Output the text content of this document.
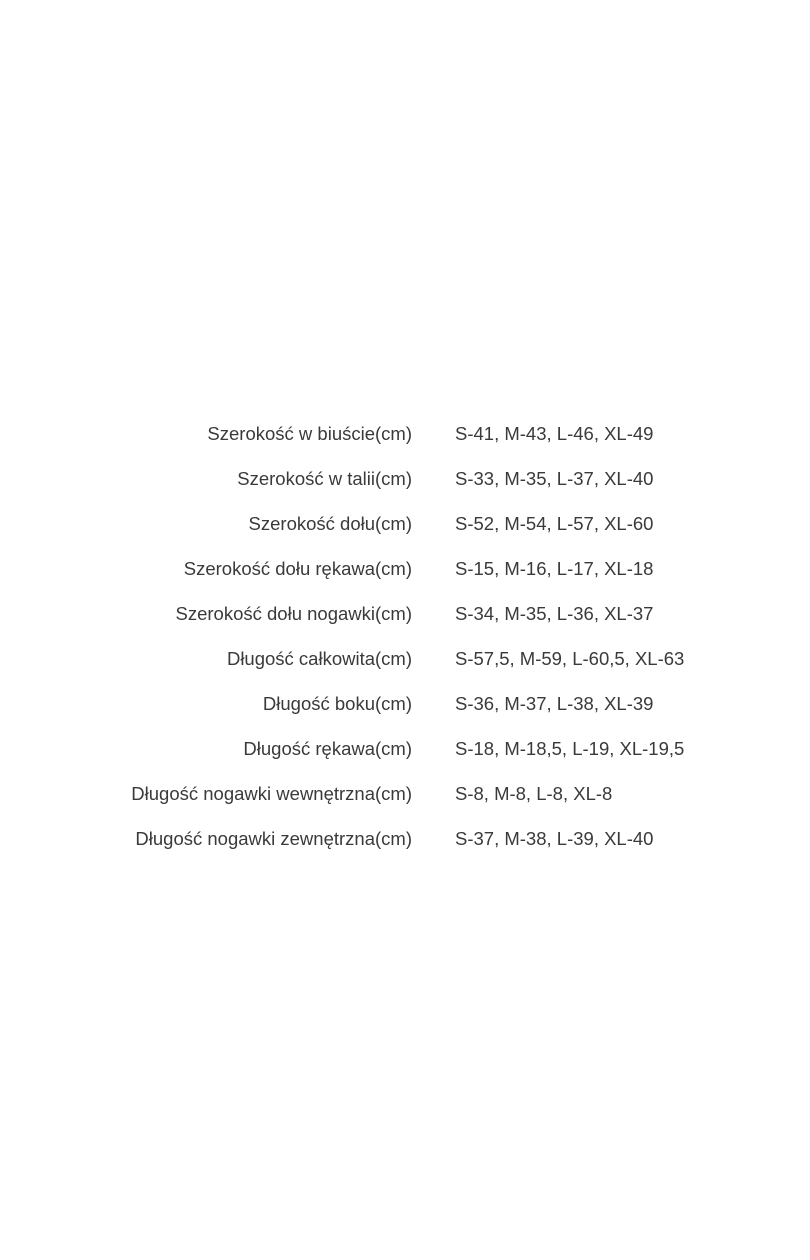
Szerokość w biuście(cm) S-41, M-43, L-46, XL-49
Szerokość w talii(cm) S-33, M-35, L-37, XL-40
Szerokość dołu(cm) S-52, M-54, L-57, XL-60
Szerokość dołu rękawa(cm) S-15, M-16, L-17, XL-18
Szerokość dołu nogawki(cm) S-34, M-35, L-36, XL-37
Długość całkowita(cm) S-57,5, M-59, L-60,5, XL-63
Długość boku(cm) S-36, M-37, L-38, XL-39
Długość rękawa(cm) S-18, M-18,5, L-19, XL-19,5
Długość nogawki wewnętrzna(cm) S-8, M-8, L-8, XL-8
Długość nogawki zewnętrzna(cm) S-37, M-38, L-39, XL-40
